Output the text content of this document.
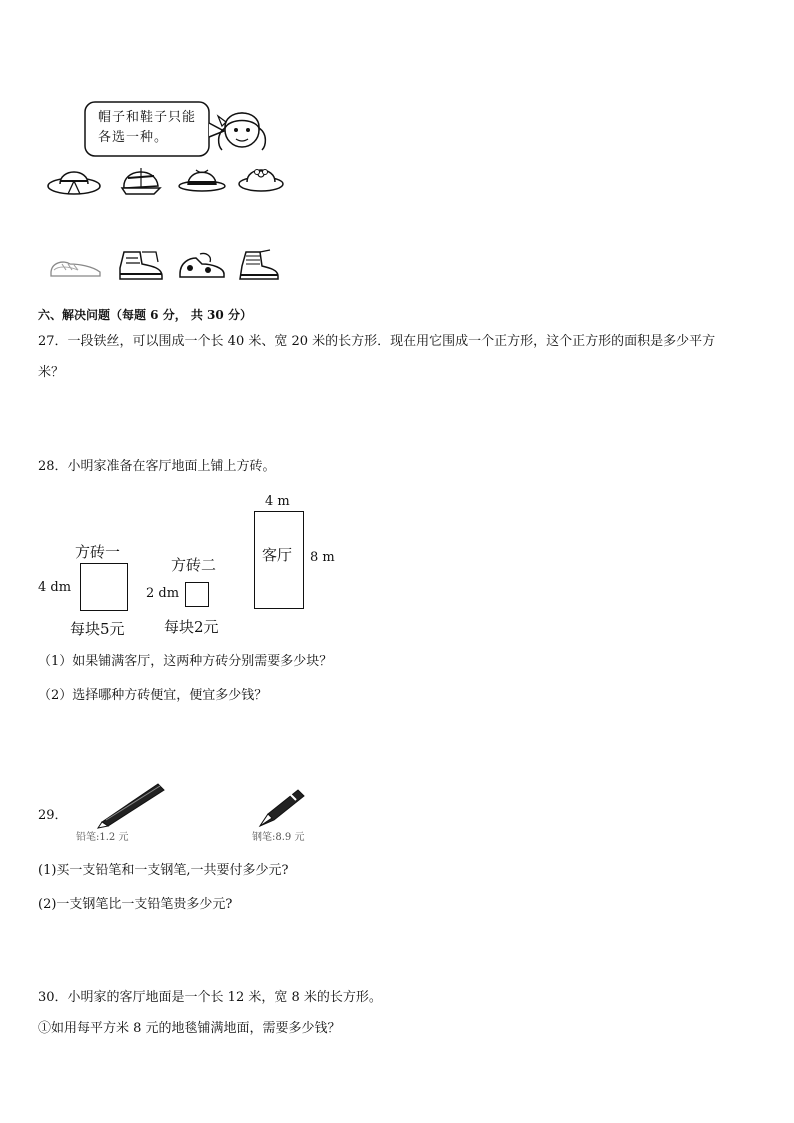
帽子和鞋子只能
各选一种。
六、解决问题（每题 6 分， 共 30 分）
27．一段铁丝，可以围成一个长 40 米、宽 20 米的长方形．现在用它围成一个正方形，这个正方形的面积是多少平方
米？
28．小明家准备在客厅地面上铺上方砖。
方砖一
4 dm
每块5元
方砖二
2 dm
每块2元
4 m
客厅 8 m
（1）如果铺满客厅，这两种方砖分别需要多少块？
（2）选择哪种方砖便宜，便宜多少钱？
29．
铅笔:1.2 元	钢笔:8.9 元
(1)买一支铅笔和一支钢笔,一共要付多少元?
(2)一支钢笔比一支铅笔贵多少元?
30．小明家的客厅地面是一个长 12 米，宽 8 米的长方形。
①如用每平方米 8 元的地毯铺满地面，需要多少钱？
